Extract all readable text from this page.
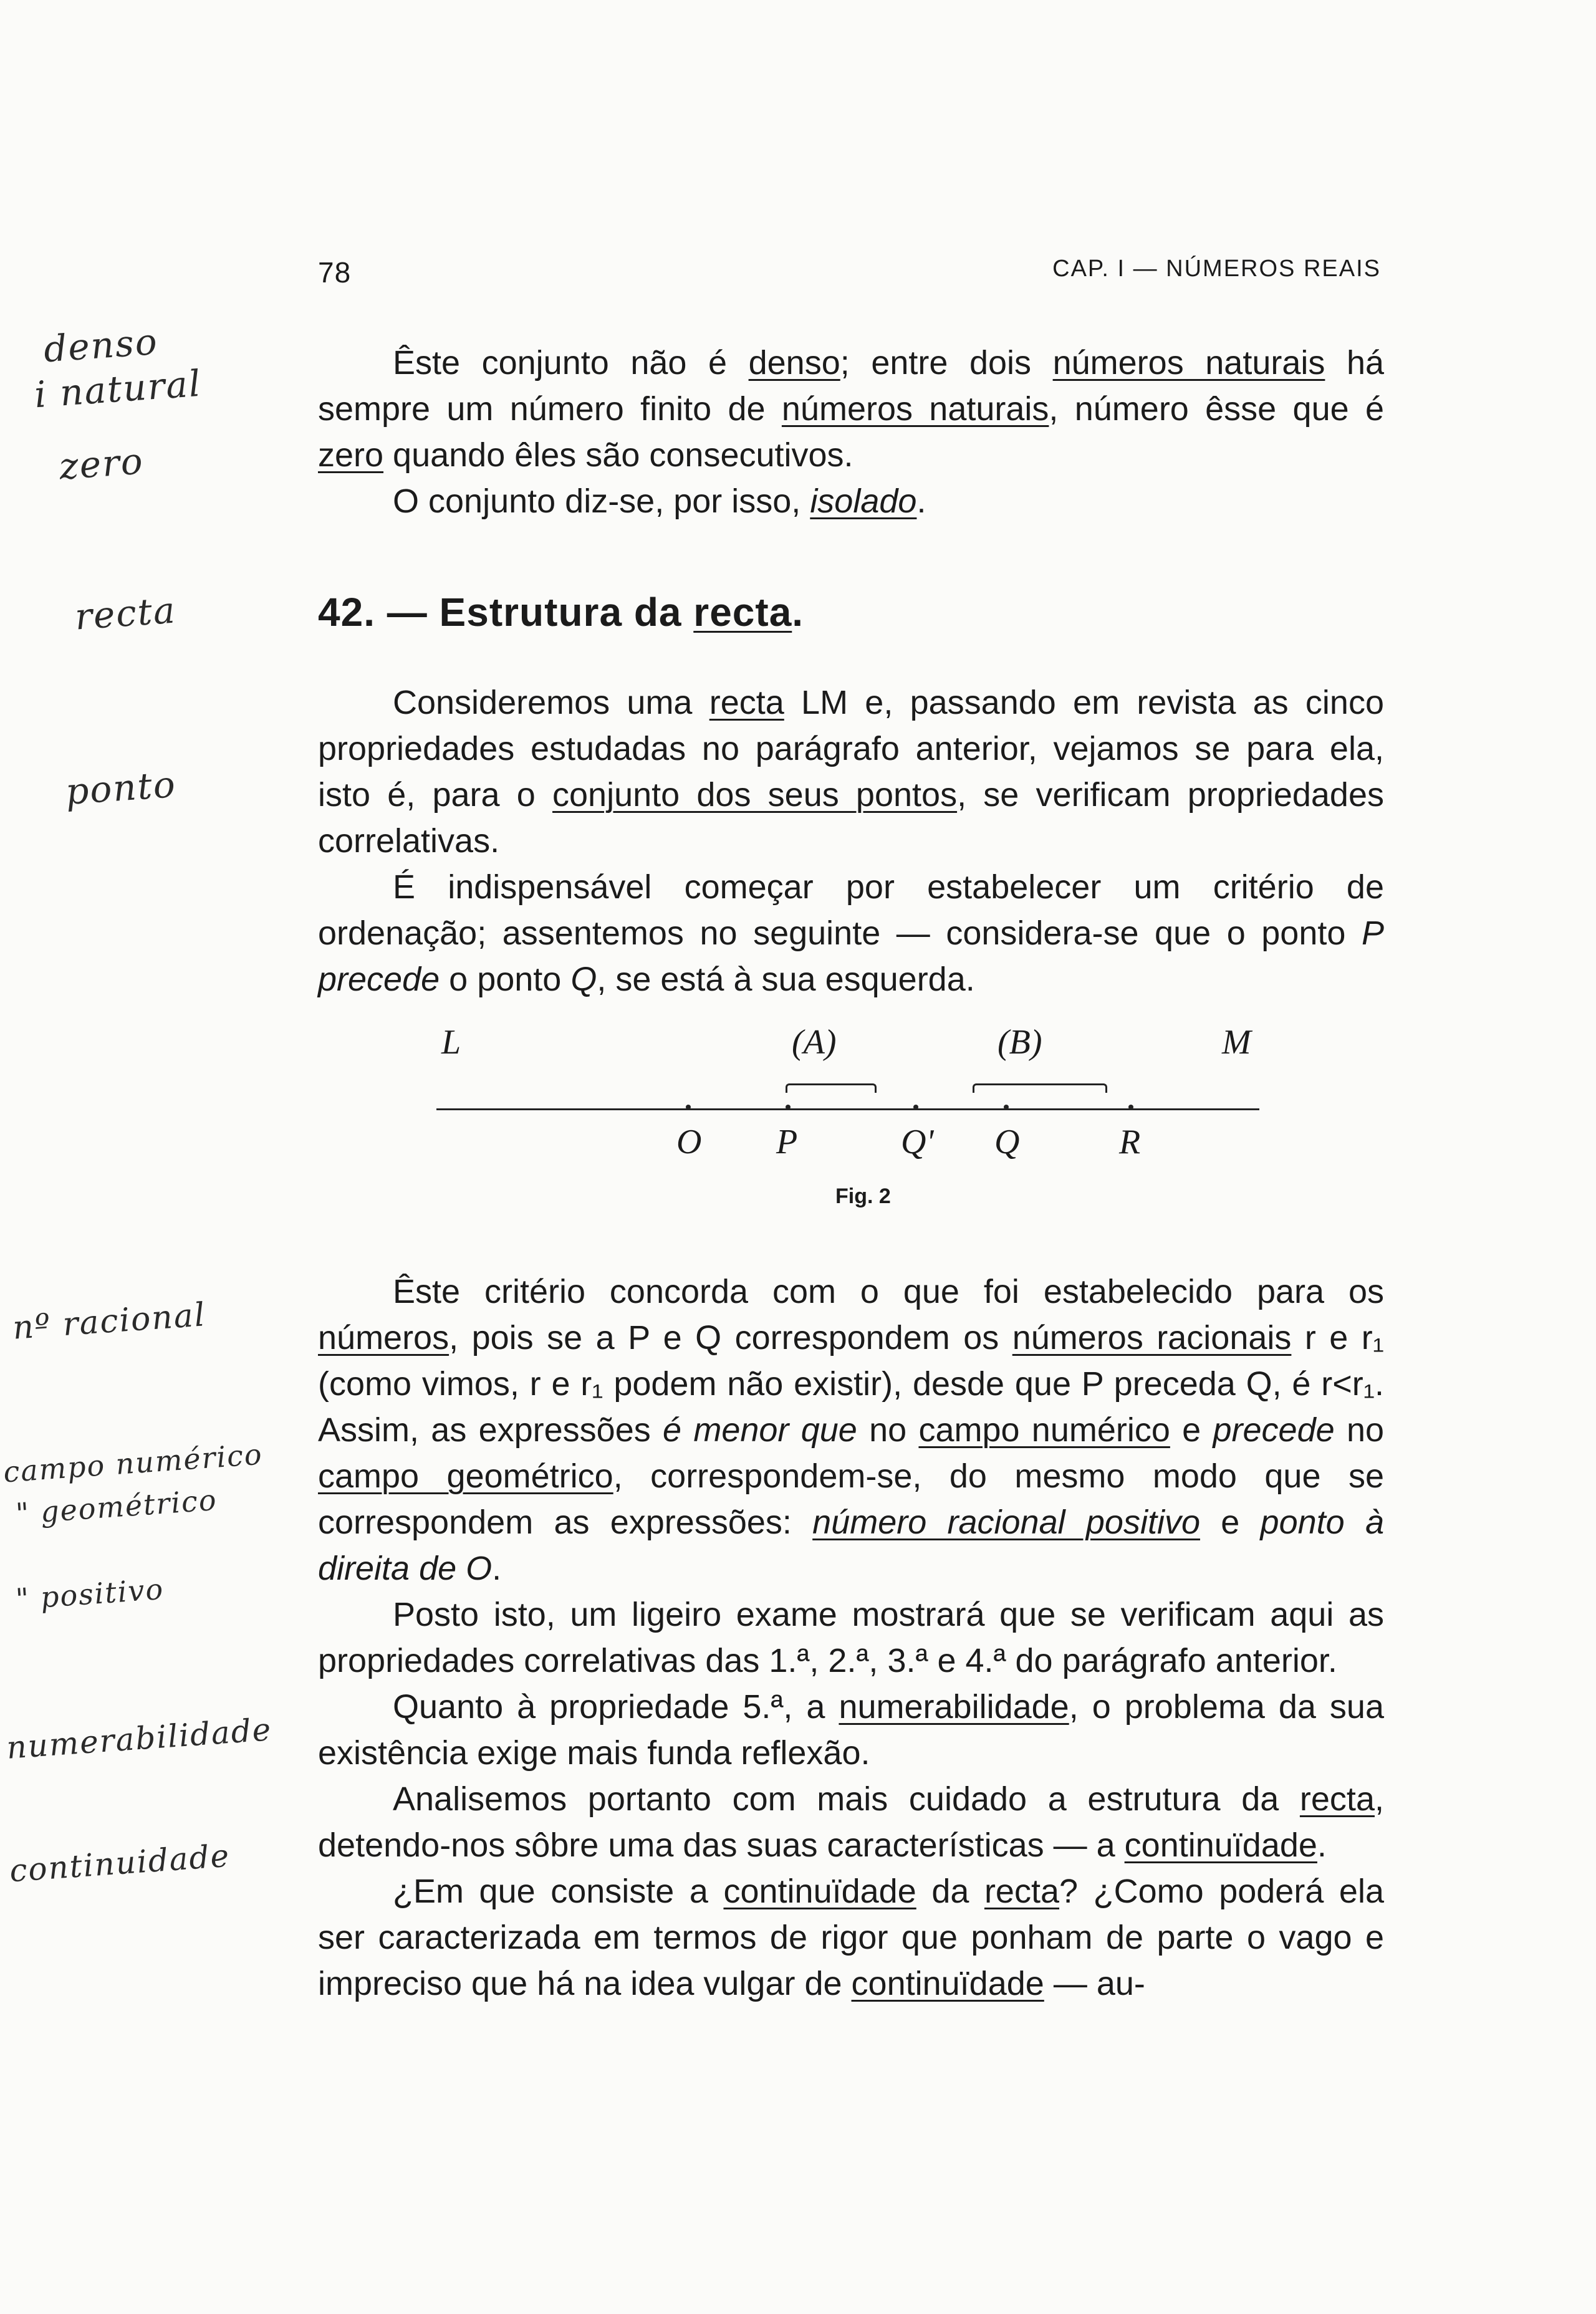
78	CAP. I — NÚMEROS REAIS
denso
i natural
zero
recta
ponto
nº racional
campo numérico
" geométrico
" positivo
numerabilidade
continuidade

Êste conjunto não é denso; entre dois números naturais há sempre um número finito de números naturais, número êsse que é zero quando êles são consecutivos.

O conjunto diz-se, por isso, isolado.

42. — Estrutura da recta.

Consideremos uma recta LM e, passando em revista as cinco propriedades estudadas no parágrafo anterior, vejamos se para ela, isto é, para o conjunto dos seus pontos, se verificam propriedades correlativas.

É indispensável começar por estabelecer um critério de ordenação; assentemos no seguinte — considera-se que o ponto P precede o ponto Q, se está à sua esquerda.

L	(A)	(B)	M
O P	Q' Q	R
Fig. 2

Êste critério concorda com o que foi estabelecido para os números, pois se a P e Q correspondem os números racionais r e r₁ (como vimos, r e r₁ podem não existir), desde que P preceda Q, é r<r₁. Assim, as expressões é menor que no campo numérico e precede no campo geométrico, correspondem-se, do mesmo modo que se correspondem as expressões: número racional positivo e ponto à direita de O.

Posto isto, um ligeiro exame mostrará que se verificam aqui as propriedades correlativas das 1.ª, 2.ª, 3.ª e 4.ª do parágrafo anterior.

Quanto à propriedade 5.ª, a numerabilidade, o problema da sua existência exige mais funda reflexão.

Analisemos portanto com mais cuidado a estrutura da recta, detendo-nos sôbre uma das suas características — a continuïdade.

¿Em que consiste a continuïdade da recta? ¿Como poderá ela ser caracterizada em termos de rigor que ponham de parte o vago e impreciso que há na idea vulgar de continuïdade — au-
